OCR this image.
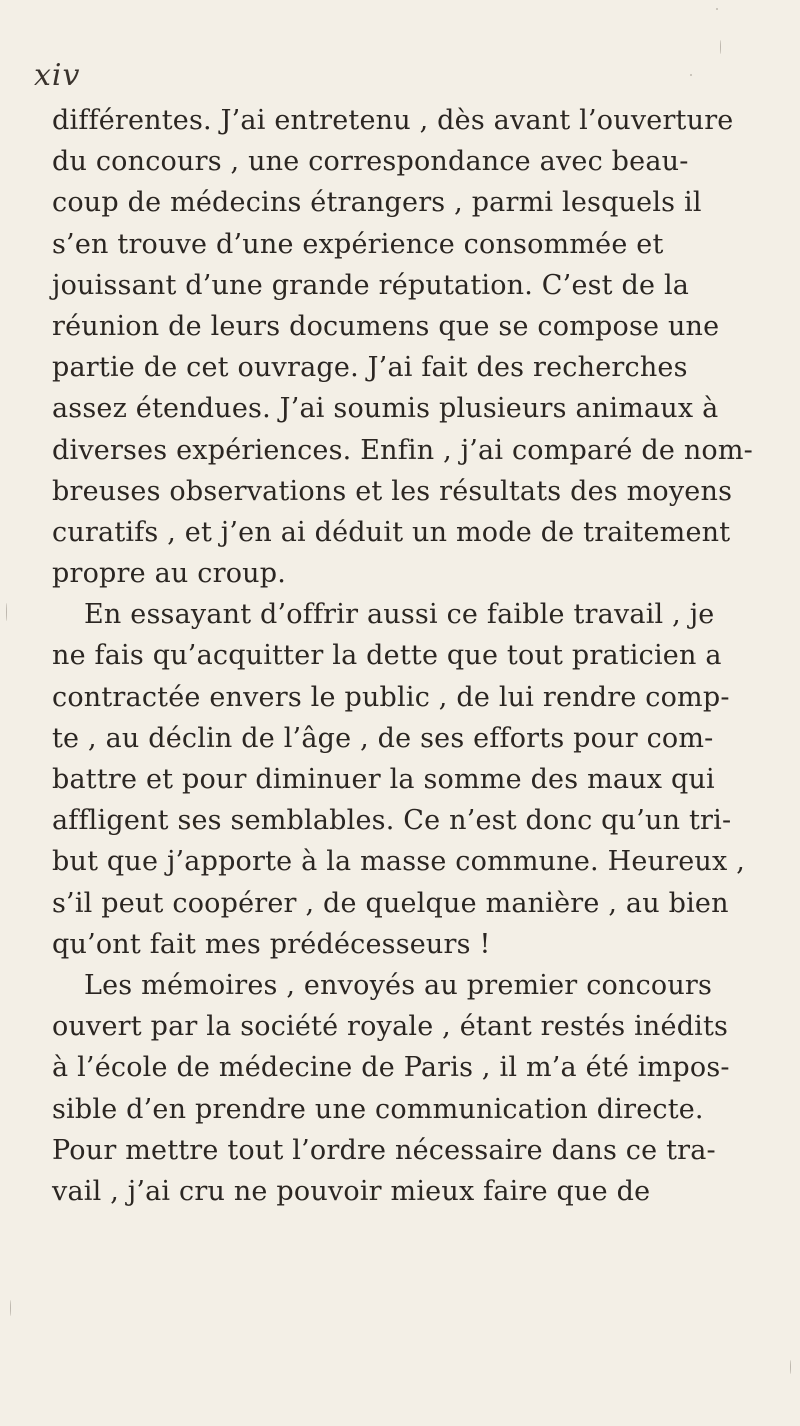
xiv
différentes. J’ai entretenu , dès avant l’ouverture
du concours , une correspondance avec beau-
coup de médecins étrangers , parmi lesquels il
s’en trouve d’une expérience consommée et
jouissant d’une grande réputation. C’est de la
réunion de leurs documens que se compose une
partie de cet ouvrage. J’ai fait des recherches
assez étendues. J’ai soumis plusieurs animaux à
diverses expériences. Enfin , j’ai comparé de nom-
breuses observations et les résultats des moyens
curatifs , et j’en ai déduit un mode de traitement
propre au croup.
En essayant d’offrir aussi ce faible travail , je
ne fais qu’acquitter la dette que tout praticien a
contractée envers le public , de lui rendre comp-
te , au déclin de l’âge , de ses efforts pour com-
battre et pour diminuer la somme des maux qui
affligent ses semblables. Ce n’est donc qu’un tri-
but que j’apporte à la masse commune. Heureux ,
s’il peut coopérer , de quelque manière , au bien
qu’ont fait mes prédécesseurs !
Les mémoires , envoyés au premier concours
ouvert par la société royale , étant restés inédits
à l’école de médecine de Paris , il m’a été impos-
sible d’en prendre une communication directe.
Pour mettre tout l’ordre nécessaire dans ce tra-
vail , j’ai cru ne pouvoir mieux faire que de
